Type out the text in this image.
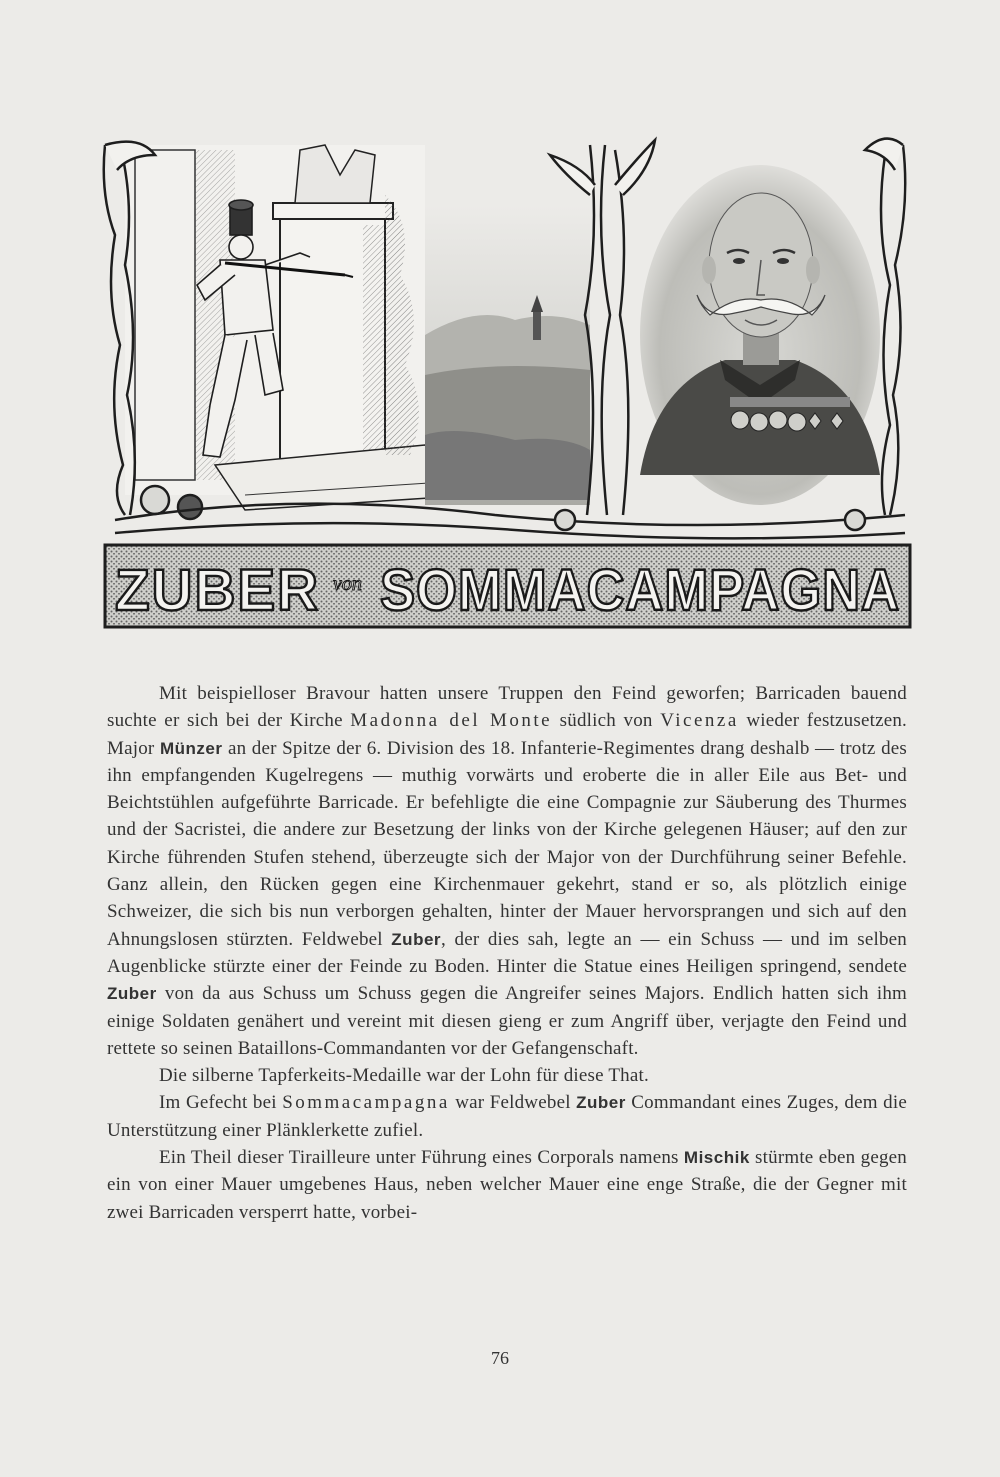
ZUBER von SOMMACAMPAGNA

Mit beispielloser Bravour hatten unsere Truppen den Feind geworfen; Barricaden bauend suchte er sich bei der Kirche Madonna del Monte südlich von Vicenza wieder festzusetzen. Major Münzer an der Spitze der 6. Division des 18. Infanterie-Regimentes drang deshalb — trotz des ihn empfangenden Kugelregens — muthig vorwärts und eroberte die in aller Eile aus Bet- und Beichtstühlen aufgeführte Barricade. Er befehligte die eine Compagnie zur Säuberung des Thurmes und der Sacristei, die andere zur Besetzung der links von der Kirche gelegenen Häuser; auf den zur Kirche führenden Stufen stehend, überzeugte sich der Major von der Durchführung seiner Befehle. Ganz allein, den Rücken gegen eine Kirchenmauer gekehrt, stand er so, als plötzlich einige Schweizer, die sich bis nun verborgen gehalten, hinter der Mauer hervorsprangen und sich auf den Ahnungslosen stürzten. Feldwebel Zuber, der dies sah, legte an — ein Schuss — und im selben Augenblicke stürzte einer der Feinde zu Boden. Hinter die Statue eines Heiligen springend, sendete Zuber von da aus Schuss um Schuss gegen die Angreifer seines Majors. Endlich hatten sich ihm einige Soldaten genähert und vereint mit diesen gieng er zum Angriff über, verjagte den Feind und rettete so seinen Bataillons-Commandanten vor der Gefangenschaft.

Die silberne Tapferkeits-Medaille war der Lohn für diese That.

Im Gefecht bei Sommacampagna war Feldwebel Zuber Commandant eines Zuges, dem die Unterstützung einer Plänklerkette zufiel.

Ein Theil dieser Tirailleure unter Führung eines Corporals namens Mischik stürmte eben gegen ein von einer Mauer umgebenes Haus, neben welcher Mauer eine enge Straße, die der Gegner mit zwei Barricaden versperrt hatte, vorbei-

76
